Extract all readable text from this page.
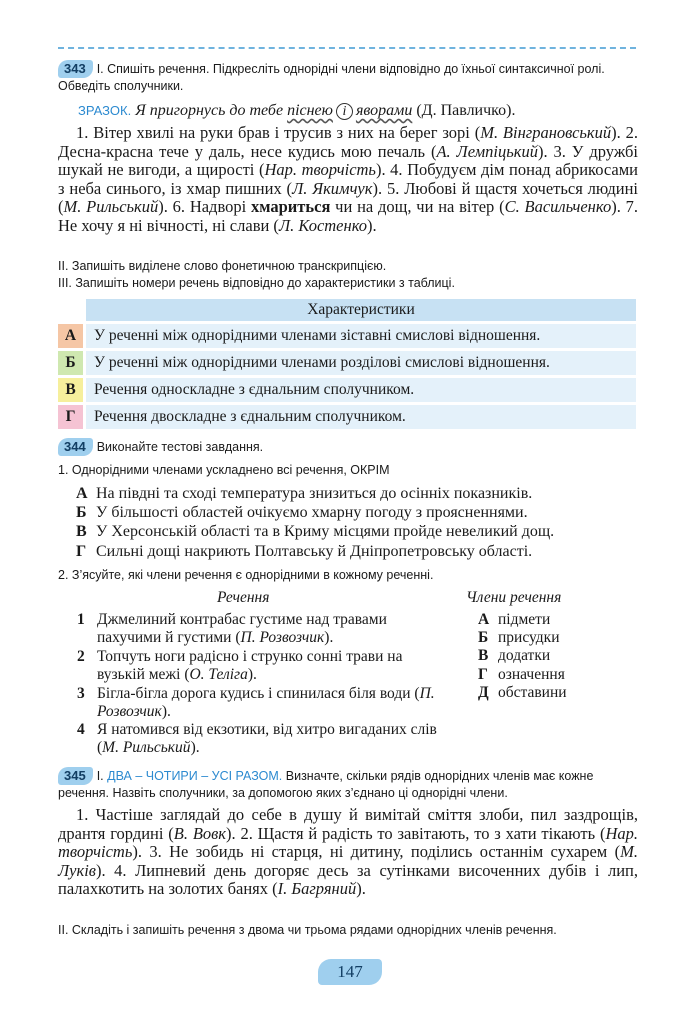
343 І. Спишіть речення. Підкресліть однорідні члени відповідно до їхньої синтаксичної ролі. Обведіть сполучники.
ЗРАЗОК. Я пригорнусь до тебе піснею і яворами (Д. Павличко).
1. Вітер хвилі на руки брав і трусив з них на берег зорі (М. Вінграновський). 2. Десна-красна тече у даль, несе кудись мою печаль (А. Лемпіцький). 3. У дружбі шукай не вигоди, а щирості (Нар. творчість). 4. Побудуєм дім понад абрикосами з неба синього, із хмар пишних (Л. Якимчук). 5. Любові й щастя хочеться людині (М. Рильський). 6. Надворі хмариться чи на дощ, чи на вітер (С. Васильченко). 7. Не хочу я ні вічності, ні слави (Л. Костенко).
ІІ. Запишіть виділене слово фонетичною транскрипцією.
ІІІ. Запишіть номери речень відповідно до характеристики з таблиці.
Характеристики
А	У реченні між однорідними членами зіставні смислові відношення.
Б	У реченні між однорідними членами розділові смислові відношення.
В	Речення односкладне з єднальним сполучником.
Г	Речення двоскладне з єднальним сполучником.
344 Виконайте тестові завдання.
1. Однорідними членами ускладнено всі речення, ОКРІМ
А На півдні та сході температура знизиться до осінніх показників.
Б У більшості областей очікуємо хмарну погоду з проясненнями.
В У Херсонській області та в Криму місцями пройде невеликий дощ.
Г Сильні дощі накриють Полтавську й Дніпропетровську області.
2. З’ясуйте, які члени речення є однорідними в кожному реченні.
Речення	Члени речення
1 Джмелиний контрабас густиме над травами пахучими й густими (П. Розвозчик).
2 Топчуть ноги радісно і струнко сонні трави на вузькій межі (О. Теліга).
3 Бігла-бігла дорога кудись і спинилася біля води (П. Розвозчик).
4 Я натомився від екзотики, від хитро вигаданих слів (М. Рильський).
А підмети
Б присудки
В додатки
Г означення
Д обставини
345 І. ДВА – ЧОТИРИ – УСІ РАЗОМ. Визначте, скільки рядів однорідних членів має кожне речення. Назвіть сполучники, за допомогою яких з’єднано ці однорідні члени.
1. Частіше заглядай до себе в душу й вимітай сміття злоби, пил заздрощів, дрантя гордині (В. Вовк). 2. Щастя й радість то завітають, то з хати тікають (Нар. творчість). 3. Не зобидь ні старця, ні дитину, поділись останнім сухарем (М. Луків). 4. Липневий день догоряє десь за сутінками височенних дубів і лип, палахкотить на золотих банях (І. Багряний).
ІІ. Складіть і запишіть речення з двома чи трьома рядами однорідних членів речення.
147
